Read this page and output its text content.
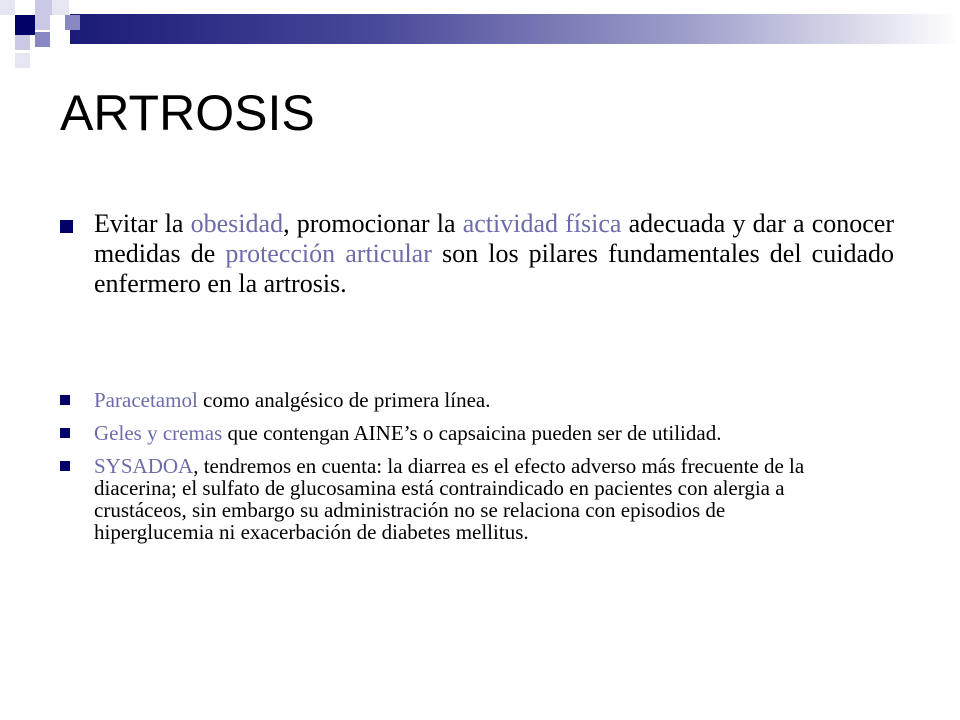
ARTROSIS

Evitar la obesidad, promocionar la actividad física adecuada y dar a conocer medidas de protección articular son los pilares fundamentales del cuidado enfermero en la artrosis.

Paracetamol como analgésico de primera línea.

Geles y cremas que contengan AINE’s o capsaicina pueden ser de utilidad.

SYSADOA, tendremos en cuenta: la diarrea es el efecto adverso más frecuente de la diacerina; el sulfato de glucosamina está contraindicado en pacientes con alergia a crustáceos, sin embargo su administración no se relaciona con episodios de hiperglucemia ni exacerbación de diabetes mellitus.
